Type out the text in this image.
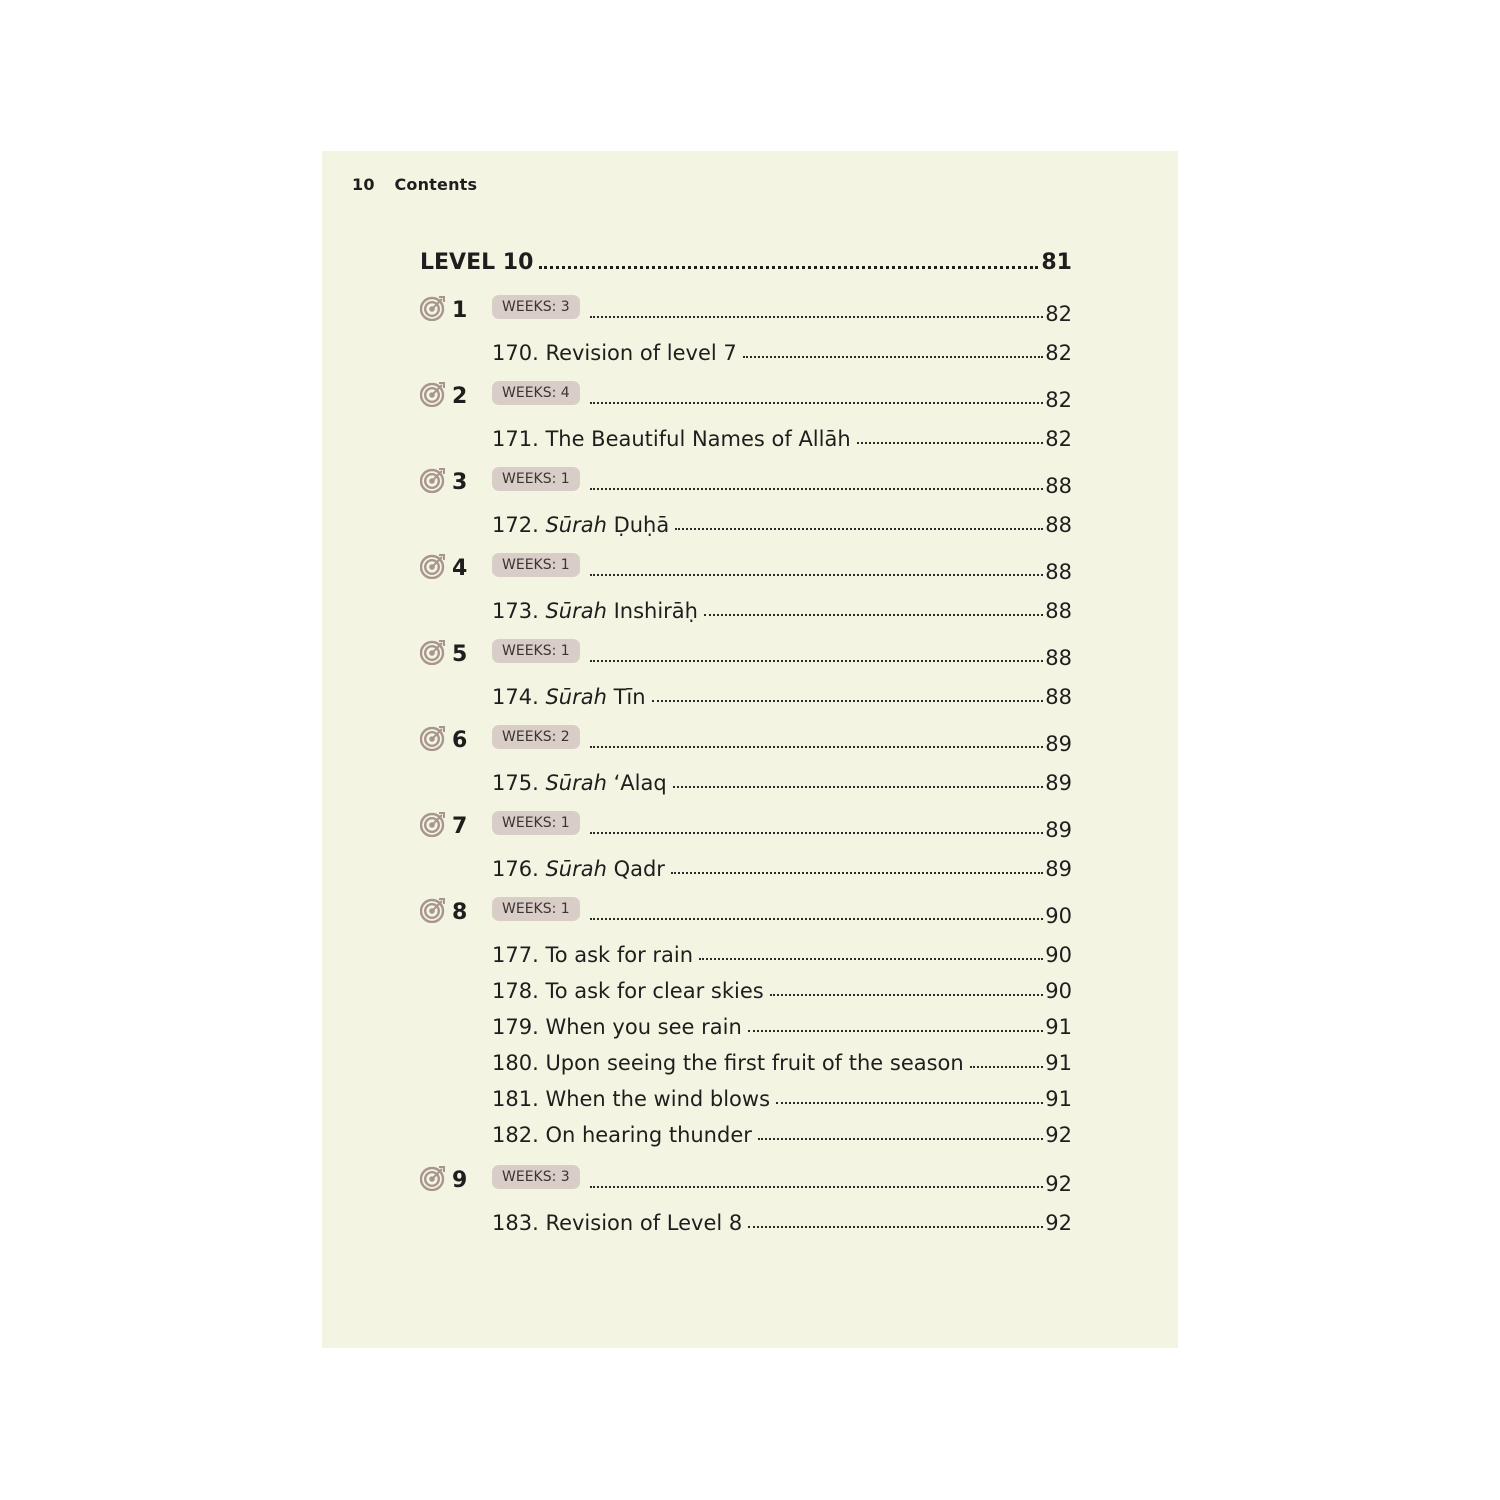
10 Contents
LEVEL 10	81
1	WEEKS: 3	82
170. Revision of level 7	82
2	WEEKS: 4	82
171. The Beautiful Names of Allāh	82
3	WEEKS: 1	88
172. Sūrah Ḍuḥā	88
4	WEEKS: 1	88
173. Sūrah Inshirāḥ	88
5	WEEKS: 1	88
174. Sūrah Tīn	88
6	WEEKS: 2	89
175. Sūrah ‘Alaq	89
7	WEEKS: 1	89
176. Sūrah Qadr	89
8	WEEKS: 1	90
177. To ask for rain	90
178. To ask for clear skies	90
179. When you see rain	91
180. Upon seeing the first fruit of the season	91
181. When the wind blows	91
182. On hearing thunder	92
9	WEEKS: 3	92
183. Revision of Level 8	92
